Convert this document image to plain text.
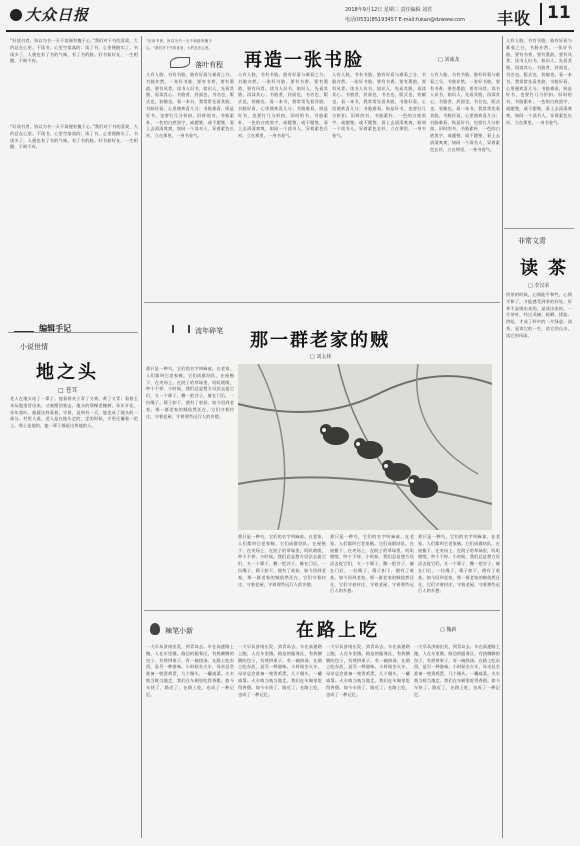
大众日报	2018年9月12日 星期三 责任编辑 刘君
电话(0531)85193457 E-mail:fukan@dzwww.com 丰收 11
“好读书者，皆以为书一天不读便有愧于心。”我们对于书的喜爱，大约总在心里。不读书，心里空落落的；读了书，心里便踏实了。书读多了，人便也有了书的气味，有了书的脸。好书如好友，一生相随，不离不弃。
“好读书者，皆以为书一天不读便有愧于心。”我们对于书的喜爱，大约总在心里。不读书，心里空落落的；读了书，心里便踏实了。书读多了，人便也有了书的气味，有了书的脸。好书如好友，一生相随，不离不弃。
编辑手记
小说世情
地之头
□ 苍耳
老人在地头站了一辈子。他看着麦子青了又黄，黄了又青；看着玉米从地里冒出来，又被掰回家去。地头的那棵老槐树，年年开花，年年落叶。他就这样看着，守着，直到有一天，他也成了地头的一部分。村里人说，老人是在地头走的，走的时候，手里还攥着一把土。那土是他的，他一辈子都是这块地的人。
“好读书者，皆以为书一天不读便有愧于心。”我们对于书的喜爱，大约总在心里。
落叶有程 再造一张书脸	□ 刘诚龙
人有人脸，书有书脸。脸有好看与难看之分，书脸亦然。一张好书脸，要有书香，要有墨韵，要有风骨。读书人识书，如识人，先看其脸，再读其心。书脸者，封面也，书名也，版式也，装帧也。看一本书，我常常先看其脸，书脸好看，心里便欢喜几分；书脸难看，纵是好书，也要打几分折扣。旧时的书，书脸素朴，一色的白底黑字，或题签，或不题签，看上去清清爽爽，如同一个读书人，穿着素色长衫，立在那里，一身书卷气。
人有人脸，书有书脸。脸有好看与难看之分，书脸亦然。一张好书脸，要有书香，要有墨韵，要有风骨。读书人识书，如识人，先看其脸，再读其心。书脸者，封面也，书名也，版式也，装帧也。看一本书，我常常先看其脸，书脸好看，心里便欢喜几分；书脸难看，纵是好书，也要打几分折扣。旧时的书，书脸素朴，一色的白底黑字，或题签，或不题签，看上去清清爽爽，如同一个读书人，穿着素色长衫，立在那里，一身书卷气。
人有人脸，书有书脸。脸有好看与难看之分，书脸亦然。一张好书脸，要有书香，要有墨韵，要有风骨。读书人识书，如识人，先看其脸，再读其心。书脸者，封面也，书名也，版式也，装帧也。看一本书，我常常先看其脸，书脸好看，心里便欢喜几分；书脸难看，纵是好书，也要打几分折扣。旧时的书，书脸素朴，一色的白底黑字，或题签，或不题签，看上去清清爽爽，如同一个读书人，穿着素色长衫，立在那里，一身书卷气。
人有人脸，书有书脸。脸有好看与难看之分，书脸亦然。一张好书脸，要有书香，要有墨韵，要有风骨。读书人识书，如识人，先看其脸，再读其心。书脸者，封面也，书名也，版式也，装帧也。看一本书，我常常先看其脸，书脸好看，心里便欢喜几分；书脸难看，纵是好书，也要打几分折扣。旧时的书，书脸素朴，一色的白底黑字，或题签，或不题签，看上去清清爽爽，如同一个读书人，穿着素色长衫，立在那里，一身书卷气。
人有人脸，书有书脸。脸有好看与难看之分，书脸亦然。一张好书脸，要有书香，要有墨韵，要有风骨。读书人识书，如识人，先看其脸，再读其心。书脸者，封面也，书名也，版式也，装帧也。看一本书，我常常先看其脸，书脸好看，心里便欢喜几分；书脸难看，纵是好书，也要打几分折扣。旧时的书，书脸素朴，一色的白底黑字，或题签，或不题签，看上去清清爽爽，如同一个读书人，穿着素色长衫，立在那里，一身书卷气。
非常文青
读茶
□ 李汉荣
饮茶的时候，心情能平和些，心情平和了，才能感受到茶的好处。好茶不是喝出来的，是读出来的。一片茶叶，经过采摘、晾晒、揉捻、烘焙，才成了杯中的一片绿意。读茶，是读它的一生，读它的山水，读它的风雨。
流年碎笔 那一群老家的贼
□ 刘太林
那只是一种鸟，它们的名字叫麻雀。在老家，人们都叫它老家贼。它们成群结队，在屋檐下、在麦场上、在院子的草垛里，叽叽喳喳，吵个不停。小时候，我们总是想方设法去捉它们，支一个筛子，撒一把谷子，躲在门后，一拉绳子，筛子扣下，便有了收获。如今回到老家，那一群老家的贼依然还在，它们守着村庄，守着老屋，守着那些远行人的乡愁。
那只是一种鸟，它们的名字叫麻雀。在老家，人们都叫它老家贼。它们成群结队，在屋檐下、在麦场上、在院子的草垛里，叽叽喳喳，吵个不停。小时候，我们总是想方设法去捉它们，支一个筛子，撒一把谷子，躲在门后，一拉绳子，筛子扣下，便有了收获。如今回到老家，那一群老家的贼依然还在，它们守着村庄，守着老屋，守着那些远行人的乡愁。
那只是一种鸟，它们的名字叫麻雀。在老家，人们都叫它老家贼。它们成群结队，在屋檐下、在麦场上、在院子的草垛里，叽叽喳喳，吵个不停。小时候，我们总是想方设法去捉它们，支一个筛子，撒一把谷子，躲在门后，一拉绳子，筛子扣下，便有了收获。如今回到老家，那一群老家的贼依然还在，它们守着村庄，守着老屋，守着那些远行人的乡愁。
那只是一种鸟，它们的名字叫麻雀。在老家，人们都叫它老家贼。它们成群结队，在屋檐下、在麦场上、在院子的草垛里，叽叽喳喳，吵个不停。小时候，我们总是想方设法去捉它们，支一个筛子，撒一把谷子，躲在门后，一拉绳子，筛子扣下，便有了收获。如今回到老家，那一群老家的贼依然还在，它们守着村庄，守着老屋，守着那些远行人的乡愁。
辣笔小新	在路上吃	□ 魏新
一大早从济南出发，到青岛去。车在高速路上跑，人在车里饿。路边的服务区，有热腾腾的包子，有煎饼果子，有一碗热汤。在路上吃东西，是另一种滋味。小时候坐火车，母亲总会准备一兜煮鸡蛋，几个馒头，一罐咸菜。火车咣当咣当地走，我们在车厢里吃得香甜。如今车快了，路近了，在路上吃，也成了一种记忆。
一大早从济南出发，到青岛去。车在高速路上跑，人在车里饿。路边的服务区，有热腾腾的包子，有煎饼果子，有一碗热汤。在路上吃东西，是另一种滋味。小时候坐火车，母亲总会准备一兜煮鸡蛋，几个馒头，一罐咸菜。火车咣当咣当地走，我们在车厢里吃得香甜。如今车快了，路近了，在路上吃，也成了一种记忆。
一大早从济南出发，到青岛去。车在高速路上跑，人在车里饿。路边的服务区，有热腾腾的包子，有煎饼果子，有一碗热汤。在路上吃东西，是另一种滋味。小时候坐火车，母亲总会准备一兜煮鸡蛋，几个馒头，一罐咸菜。火车咣当咣当地走，我们在车厢里吃得香甜。如今车快了，路近了，在路上吃，也成了一种记忆。
一大早从济南出发，到青岛去。车在高速路上跑，人在车里饿。路边的服务区，有热腾腾的包子，有煎饼果子，有一碗热汤。在路上吃东西，是另一种滋味。小时候坐火车，母亲总会准备一兜煮鸡蛋，几个馒头，一罐咸菜。火车咣当咣当地走，我们在车厢里吃得香甜。如今车快了，路近了，在路上吃，也成了一种记忆。
